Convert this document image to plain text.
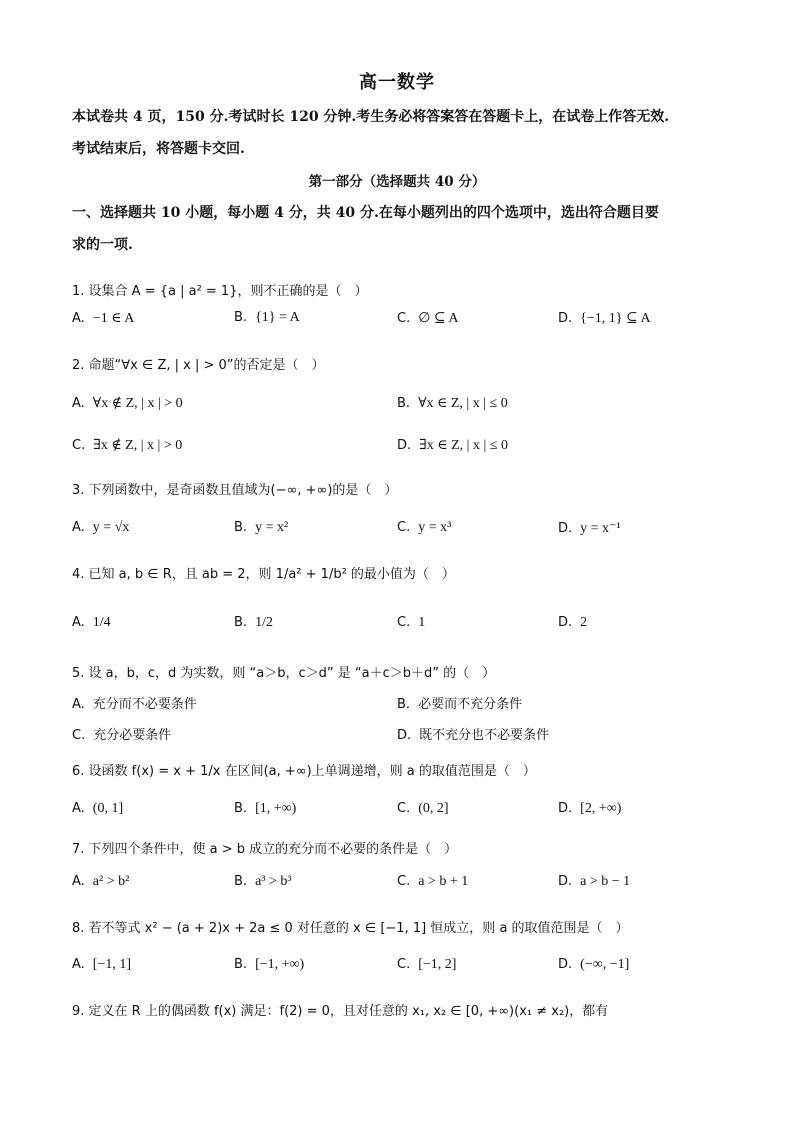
高一数学
本试卷共 4 页，150 分.考试时长 120 分钟.考生务必将答案答在答题卡上，在试卷上作答无效.
考试结束后，将答题卡交回.
第一部分（选择题共 40 分）
一、选择题共 10 小题，每小题 4 分，共 40 分.在每小题列出的四个选项中，选出符合题目要
求的一项.
1. 设集合 A = {a | a² = 1}，则不正确的是（　）
A. −1 ∈ A	B. {1} = A	C. ∅ ⊆ A	D. {−1, 1} ⊆ A
2. 命题“∀x ∈ Z, | x | > 0”的否定是（　）
A. ∀x ∉ Z, | x | > 0	B. ∀x ∈ Z, | x | ≤ 0
C. ∃x ∉ Z, | x | > 0	D. ∃x ∈ Z, | x | ≤ 0
3. 下列函数中，是奇函数且值域为(−∞, +∞)的是（　）
A. y = √x	B. y = x²	C. y = x³	D. y = x⁻¹
4. 已知 a, b ∈ R，且 ab = 2，则 1/a² + 1/b² 的最小值为（　）
A. 1/4	B. 1/2	C. 1	D. 2
5. 设 a，b，c，d 为实数，则 “a＞b，c＞d” 是 “a＋c＞b＋d” 的（　）
A. 充分而不必要条件	B. 必要而不充分条件
C. 充分必要条件	D. 既不充分也不必要条件
6. 设函数 f(x) = x + 1/x 在区间(a, +∞)上单调递增，则 a 的取值范围是（　）
A. (0, 1]	B. [1, +∞)	C. (0, 2]	D. [2, +∞)
7. 下列四个条件中，使 a > b 成立的充分而不必要的条件是（　）
A. a² > b²	B. a³ > b³	C. a > b + 1	D. a > b − 1
8. 若不等式 x² − (a + 2)x + 2a ≤ 0 对任意的 x ∈ [−1, 1] 恒成立，则 a 的取值范围是（　）
A. [−1, 1]	B. [−1, +∞)	C. [−1, 2]	D. (−∞, −1]
9. 定义在 R 上的偶函数 f(x) 满足：f(2) = 0，且对任意的 x₁, x₂ ∈ [0, +∞)(x₁ ≠ x₂)，都有
